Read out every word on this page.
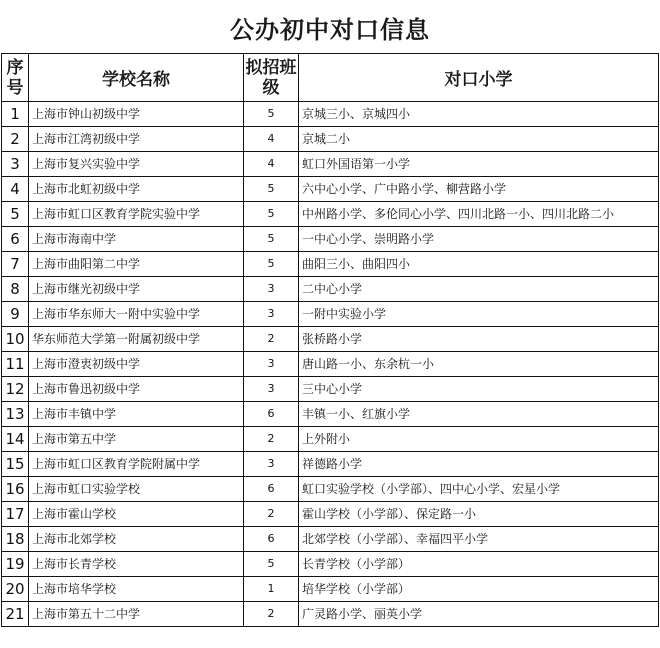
公办初中对口信息
序号	学校名称	拟招班级	对口小学
1	上海市钟山初级中学	5	京城三小、京城四小
2	上海市江湾初级中学	4	京城二小
3	上海市复兴实验中学	4	虹口外国语第一小学
4	上海市北虹初级中学	5	六中心小学、广中路小学、柳营路小学
5	上海市虹口区教育学院实验中学	5	中州路小学、多伦同心小学、四川北路一小、四川北路二小
6	上海市海南中学	5	一中心小学、崇明路小学
7	上海市曲阳第二中学	5	曲阳三小、曲阳四小
8	上海市继光初级中学	3	二中心小学
9	上海市华东师大一附中实验中学	3	一附中实验小学
10	华东师范大学第一附属初级中学	2	张桥路小学
11	上海市澄衷初级中学	3	唐山路一小、东余杭一小
12	上海市鲁迅初级中学	3	三中心小学
13	上海市丰镇中学	6	丰镇一小、红旗小学
14	上海市第五中学	2	上外附小
15	上海市虹口区教育学院附属中学	3	祥德路小学
16	上海市虹口实验学校	6	虹口实验学校（小学部）、四中心小学、宏星小学
17	上海市霍山学校	2	霍山学校（小学部）、保定路一小
18	上海市北郊学校	6	北郊学校（小学部）、幸福四平小学
19	上海市长青学校	5	长青学校（小学部）
20	上海市培华学校	1	培华学校（小学部）
21	上海市第五十二中学	2	广灵路小学、丽英小学
